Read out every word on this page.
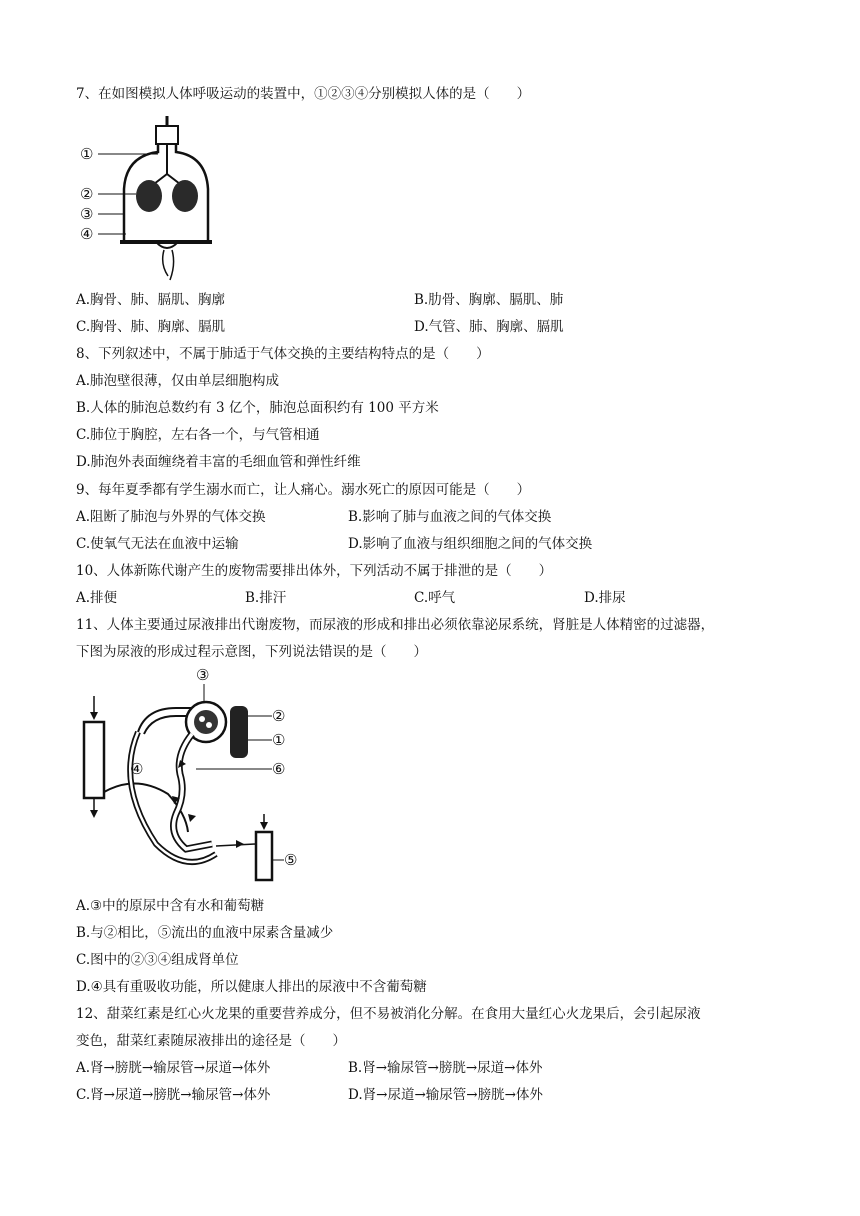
7、在如图模拟人体呼吸运动的装置中，①②③④分别模拟人体的是（　　）
①
②
③
④
A.胸骨、肺、膈肌、胸廓	B.肋骨、胸廓、膈肌、肺
C.胸骨、肺、胸廓、膈肌	D.气管、肺、胸廓、膈肌
8、下列叙述中，不属于肺适于气体交换的主要结构特点的是（　　）
A.肺泡壁很薄，仅由单层细胞构成
B.人体的肺泡总数约有 3 亿个，肺泡总面积约有 100 平方米
C.肺位于胸腔，左右各一个，与气管相通
D.肺泡外表面缠绕着丰富的毛细血管和弹性纤维
9、每年夏季都有学生溺水而亡，让人痛心。溺水死亡的原因可能是（　　）
A.阻断了肺泡与外界的气体交换	B.影响了肺与血液之间的气体交换
C.使氧气无法在血液中运输	D.影响了血液与组织细胞之间的气体交换
10、人体新陈代谢产生的废物需要排出体外，下列活动不属于排泄的是（　　）
A.排便	B.排汗	C.呼气	D.排尿
11、人体主要通过尿液排出代谢废物，而尿液的形成和排出必须依靠泌尿系统，肾脏是人体精密的过滤器，
下图为尿液的形成过程示意图，下列说法错误的是（　　）
③
②
①
④	⑥
⑤
A.③中的原尿中含有水和葡萄糖
B.与②相比，⑤流出的血液中尿素含量减少
C.图中的②③④组成肾单位
D.④具有重吸收功能，所以健康人排出的尿液中不含葡萄糖
12、甜菜红素是红心火龙果的重要营养成分，但不易被消化分解。在食用大量红心火龙果后，会引起尿液
变色，甜菜红素随尿液排出的途径是（　　）
A.肾→膀胱→输尿管→尿道→体外	B.肾→输尿管→膀胱→尿道→体外
C.肾→尿道→膀胱→输尿管→体外	D.肾→尿道→输尿管→膀胱→体外
